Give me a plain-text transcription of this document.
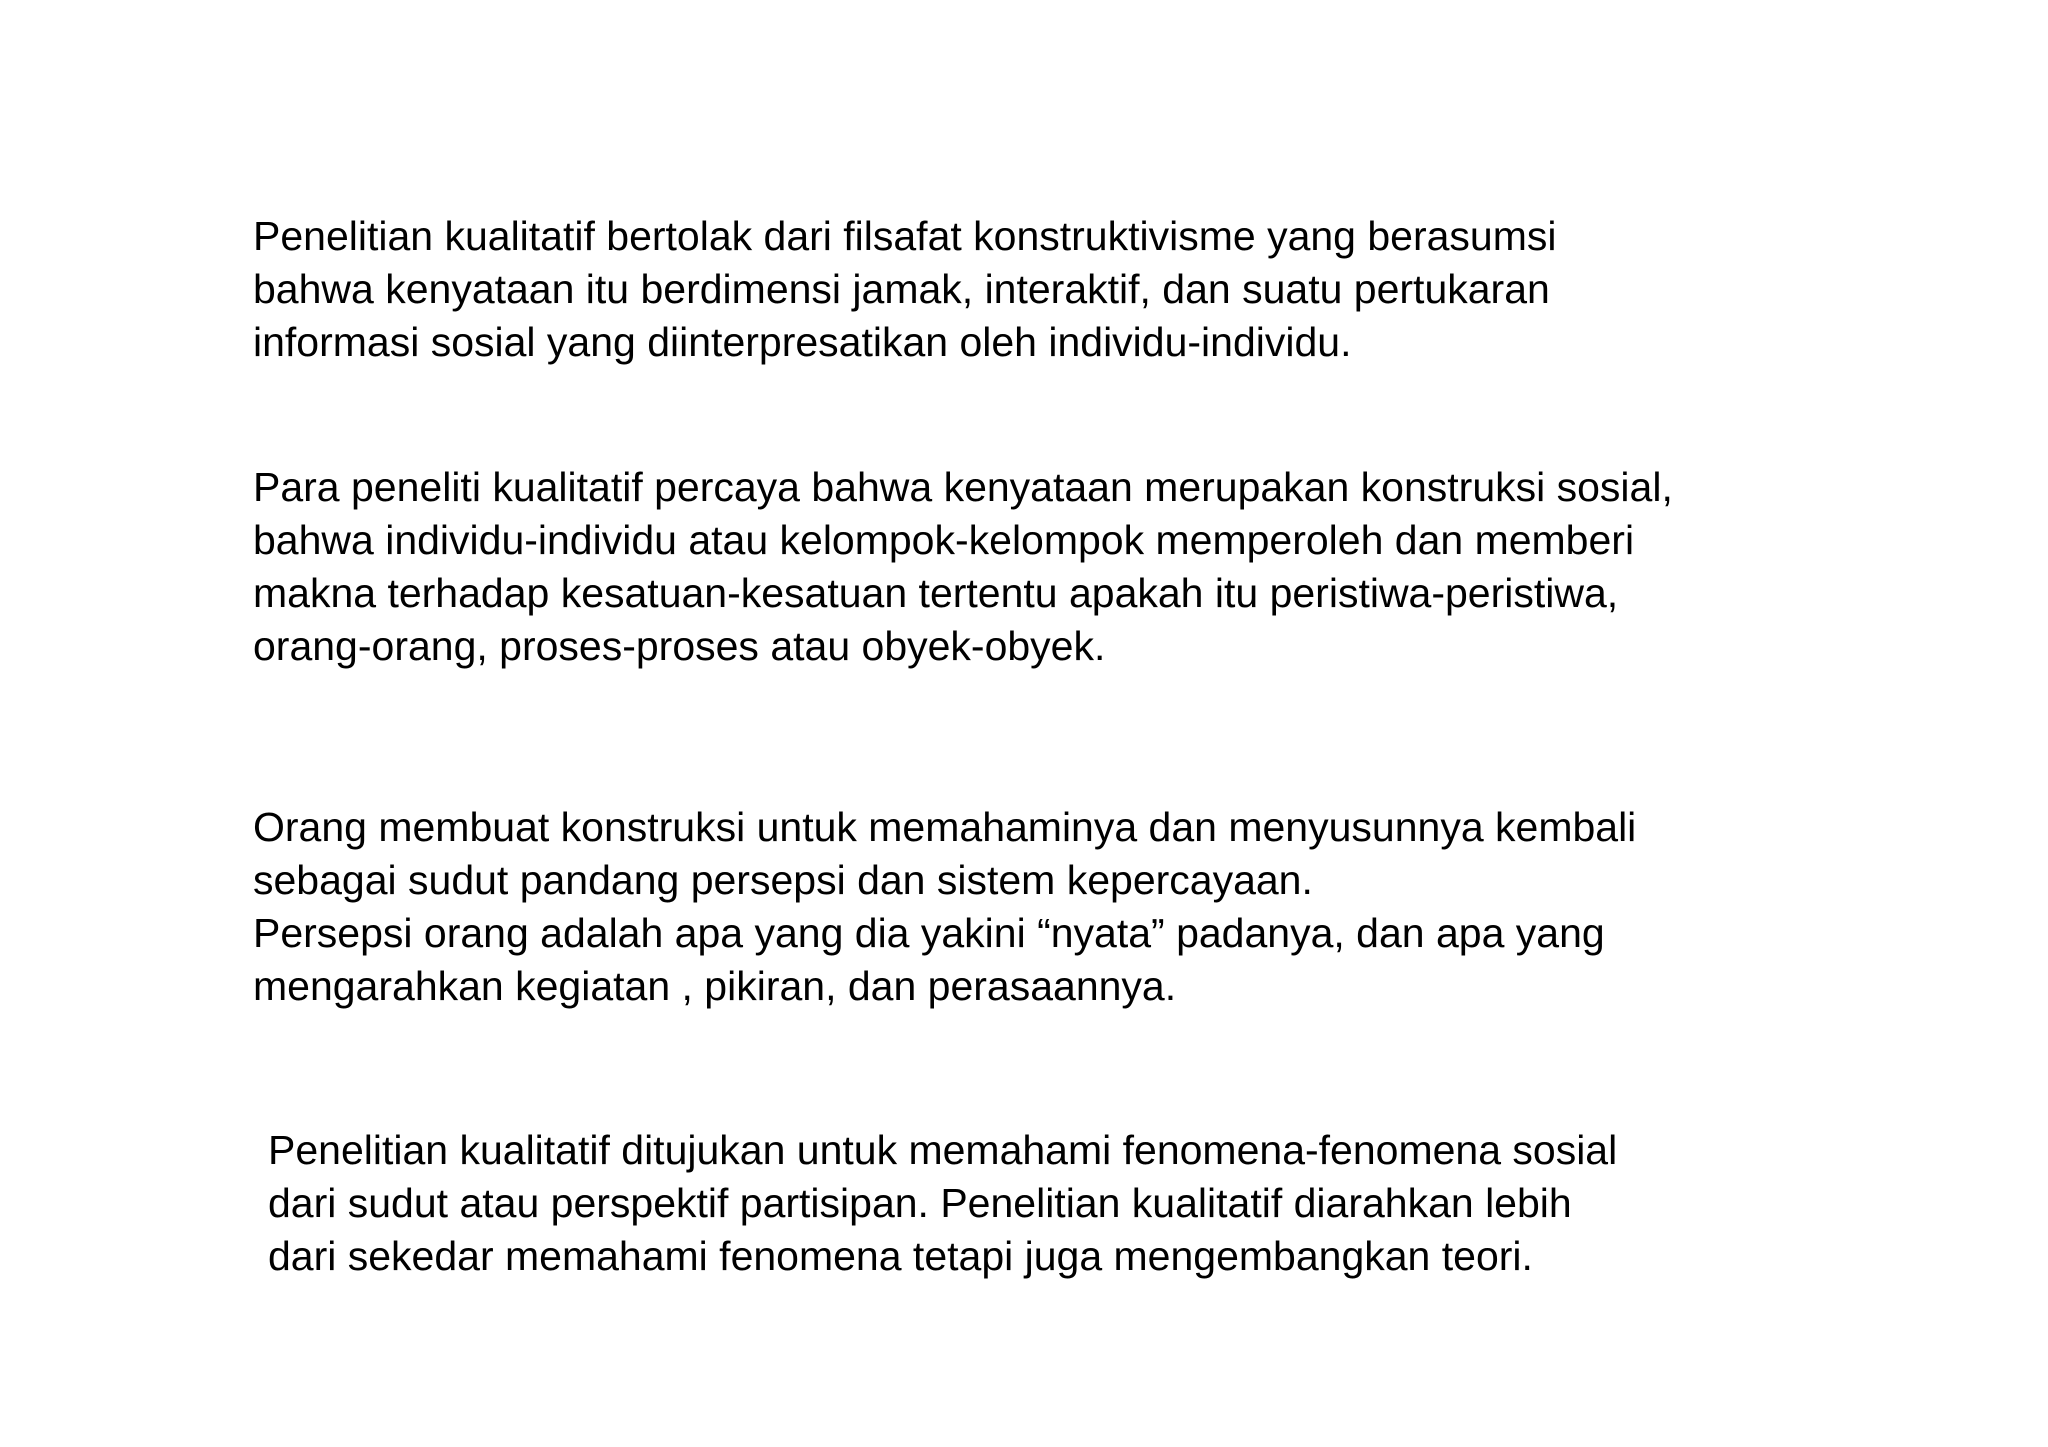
Penelitian kualitatif bertolak dari filsafat konstruktivisme yang berasumsi
bahwa kenyataan itu berdimensi jamak, interaktif, dan suatu pertukaran
informasi sosial yang diinterpresatikan oleh individu-individu.

Para peneliti kualitatif percaya bahwa kenyataan merupakan konstruksi sosial,
bahwa individu-individu atau kelompok-kelompok memperoleh dan memberi
makna terhadap kesatuan-kesatuan tertentu apakah itu peristiwa-peristiwa,
orang-orang, proses-proses atau obyek-obyek.

Orang membuat konstruksi untuk memahaminya dan menyusunnya kembali
sebagai sudut pandang persepsi dan sistem kepercayaan.
Persepsi orang adalah apa yang dia yakini “nyata” padanya, dan apa yang
mengarahkan kegiatan , pikiran, dan perasaannya.

Penelitian kualitatif ditujukan untuk memahami fenomena-fenomena sosial
dari sudut atau perspektif partisipan. Penelitian kualitatif diarahkan lebih
dari sekedar memahami fenomena tetapi juga mengembangkan teori.
